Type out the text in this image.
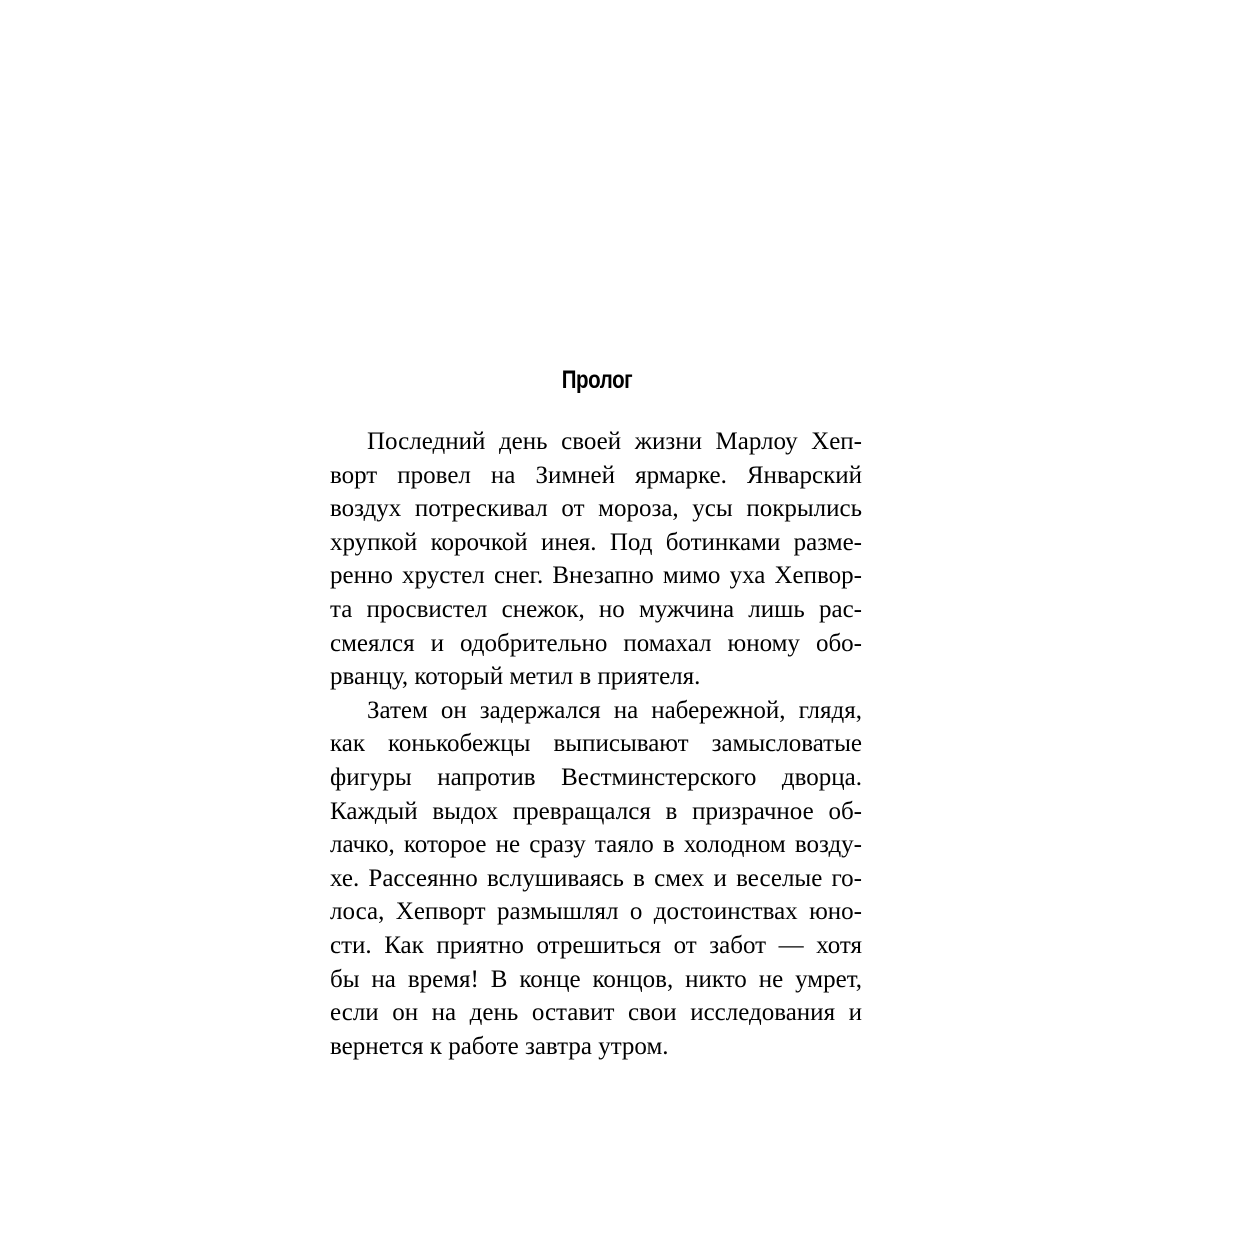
Пролог
Последний день своей жизни Марлоу Хеп-
ворт провел на Зимней ярмарке. Январский
воздух потрескивал от мороза, усы покрылись
хрупкой корочкой инея. Под ботинками разме-
ренно хрустел снег. Внезапно мимо уха Хепвор-
та просвистел снежок, но мужчина лишь рас-
смеялся и одобрительно помахал юному обо-
рванцу, который метил в приятеля.
Затем он задержался на набережной, глядя,
как конькобежцы выписывают замысловатые
фигуры напротив Вестминстерского дворца.
Каждый выдох превращался в призрачное об-
лачко, которое не сразу таяло в холодном возду-
хе. Рассеянно вслушиваясь в смех и веселые го-
лоса, Хепворт размышлял о достоинствах юно-
сти. Как приятно отрешиться от забот — хотя
бы на время! В конце концов, никто не умрет,
если он на день оставит свои исследования и
вернется к работе завтра утром.
